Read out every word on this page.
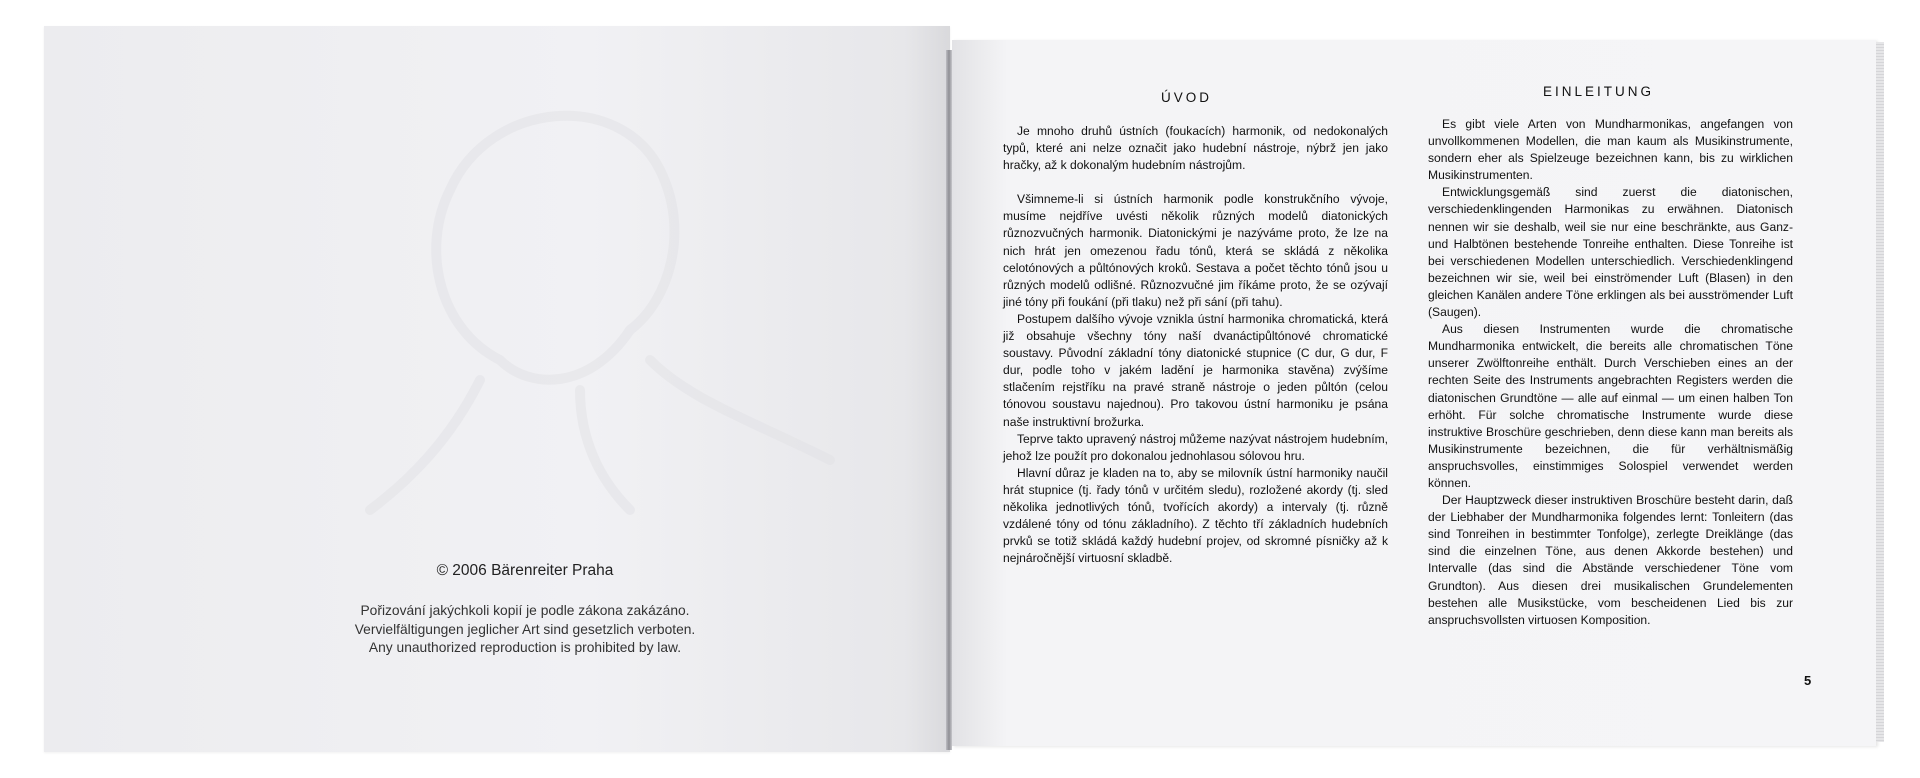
© 2006 Bärenreiter Praha
Pořizování jakýchkoli kopií je podle zákona zakázáno.
Vervielfältigungen jeglicher Art sind gesetzlich verboten.
Any unauthorized reproduction is prohibited by law.
ÚVOD	EINLEITUNG

Je mnoho druhů ústních (foukacích) harmonik, od nedokonalých typů, které ani nelze označit jako hudební nástroje, nýbrž jen jako hračky, až k dokonalým hudebním nástrojům.

Všimneme-li si ústních harmonik podle konstrukčního vývoje, musíme nejdříve uvésti několik různých modelů diatonických různozvučných harmonik. Diatonickými je nazýváme proto, že lze na nich hrát jen omezenou řadu tónů, která se skládá z několika celotónových a půltónových kroků. Sestava a počet těchto tónů jsou u různých modelů odlišné. Různozvučné jim říkáme proto, že se ozývají jiné tóny při foukání (při tlaku) než při sání (při tahu).

Postupem dalšího vývoje vznikla ústní harmonika chromatická, která již obsahuje všechny tóny naší dvanáctipůltónové chromatické soustavy. Původní základní tóny diatonické stupnice (C dur, G dur, F dur, podle toho v jakém ladění je harmonika stavěna) zvýšíme stlačením rejstříku na pravé straně nástroje o jeden půltón (celou tónovou soustavu najednou). Pro takovou ústní harmoniku je psána naše instruktivní brožurka.

Teprve takto upravený nástroj můžeme nazývat nástrojem hudebním, jehož lze použít pro dokonalou jednohlasou sólovou hru.

Hlavní důraz je kladen na to, aby se milovník ústní harmoniky naučil hrát stupnice (tj. řady tónů v určitém sledu), rozložené akordy (tj. sled několika jednotlivých tónů, tvořících akordy) a intervaly (tj. různě vzdálené tóny od tónu základního). Z těchto tří základních hudebních prvků se totiž skládá každý hudební projev, od skromné písničky až k nejnáročnější virtuosní skladbě.

Es gibt viele Arten von Mundharmonikas, angefangen von unvollkommenen Modellen, die man kaum als Musikinstrumente, sondern eher als Spielzeuge bezeichnen kann, bis zu wirklichen Musikinstrumenten.

Entwicklungsgemäß sind zuerst die diatonischen, verschiedenklingenden Harmonikas zu erwähnen. Diatonisch nennen wir sie deshalb, weil sie nur eine beschränkte, aus Ganz- und Halbtönen bestehende Tonreihe enthalten. Diese Tonreihe ist bei verschiedenen Modellen unterschiedlich. Verschiedenklingend bezeichnen wir sie, weil bei einströmender Luft (Blasen) in den gleichen Kanälen andere Töne erklingen als bei ausströmender Luft (Saugen).

Aus diesen Instrumenten wurde die chromatische Mundharmonika entwickelt, die bereits alle chromatischen Töne unserer Zwölftonreihe enthält. Durch Verschieben eines an der rechten Seite des Instruments angebrachten Registers werden die diatonischen Grundtöne — alle auf einmal — um einen halben Ton erhöht. Für solche chromatische Instrumente wurde diese instruktive Broschüre geschrieben, denn diese kann man bereits als Musikinstrumente bezeichnen, die für verhältnismäßig anspruchsvolles, einstimmiges Solospiel verwendet werden können.

Der Hauptzweck dieser instruktiven Broschüre besteht darin, daß der Liebhaber der Mundharmonika folgendes lernt: Tonleitern (das sind Tonreihen in bestimmter Tonfolge), zerlegte Dreiklänge (das sind die einzelnen Töne, aus denen Akkorde bestehen) und Intervalle (das sind die Abstände verschiedener Töne vom Grundton). Aus diesen drei musikalischen Grundelementen bestehen alle Musikstücke, vom bescheidenen Lied bis zur anspruchsvollsten virtuosen Komposition.

5
